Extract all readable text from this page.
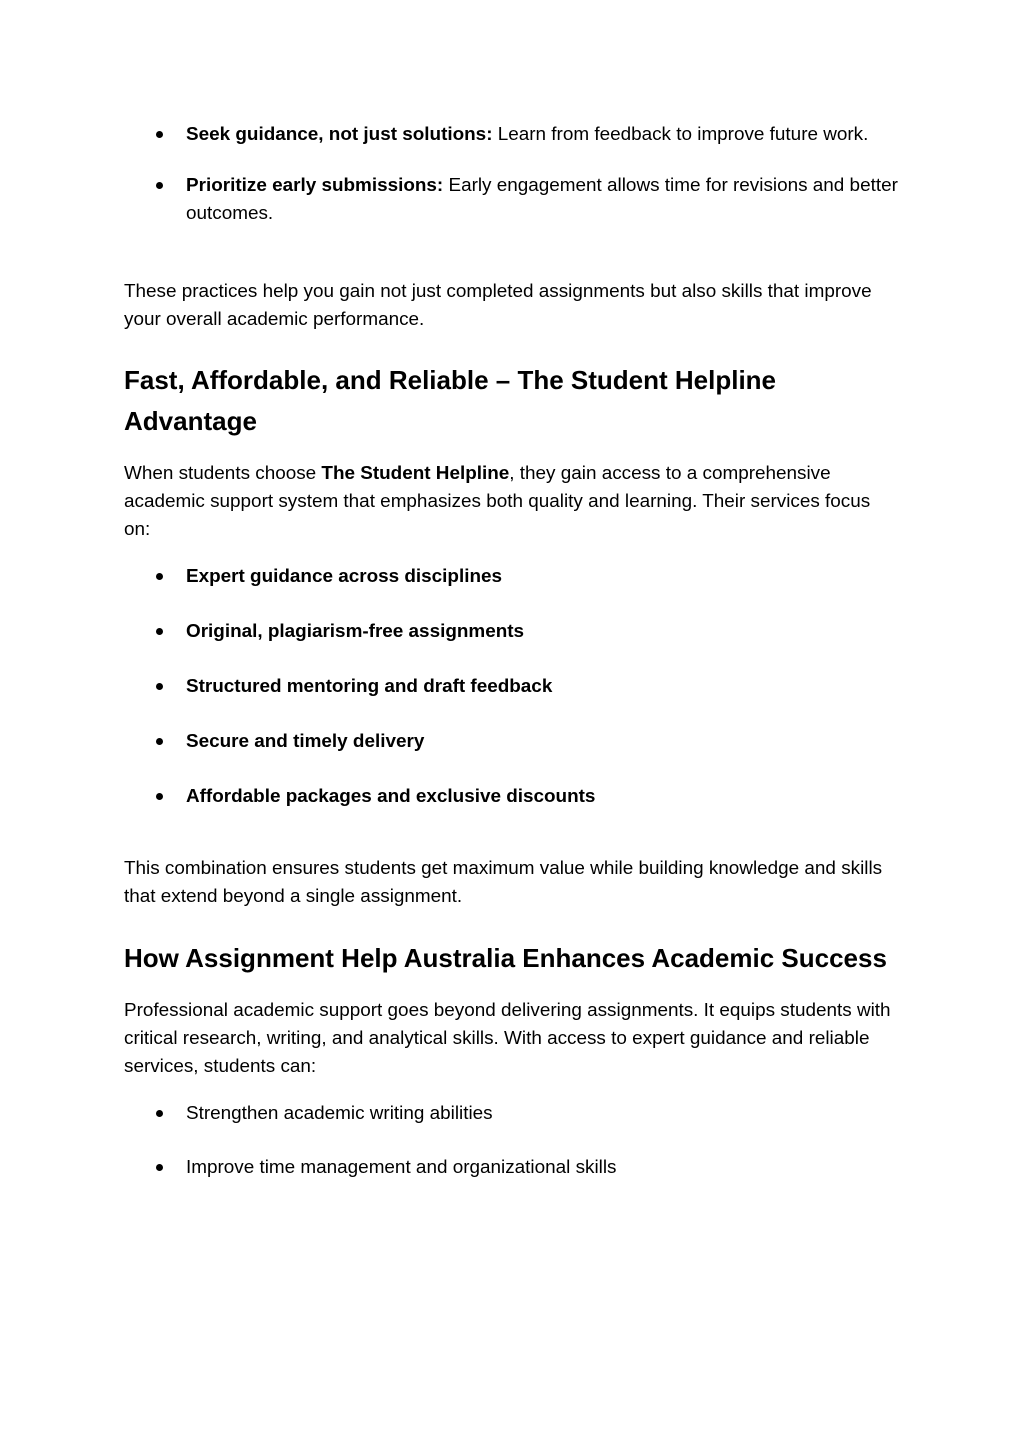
Seek guidance, not just solutions: Learn from feedback to improve future work.
Prioritize early submissions: Early engagement allows time for revisions and better outcomes.

These practices help you gain not just completed assignments but also skills that improve your overall academic performance.

Fast, Affordable, and Reliable – The Student Helpline Advantage

When students choose The Student Helpline, they gain access to a comprehensive academic support system that emphasizes both quality and learning. Their services focus on:

Expert guidance across disciplines
Original, plagiarism-free assignments
Structured mentoring and draft feedback
Secure and timely delivery
Affordable packages and exclusive discounts

This combination ensures students get maximum value while building knowledge and skills that extend beyond a single assignment.

How Assignment Help Australia Enhances Academic Success

Professional academic support goes beyond delivering assignments. It equips students with critical research, writing, and analytical skills. With access to expert guidance and reliable services, students can:

Strengthen academic writing abilities
Improve time management and organizational skills
